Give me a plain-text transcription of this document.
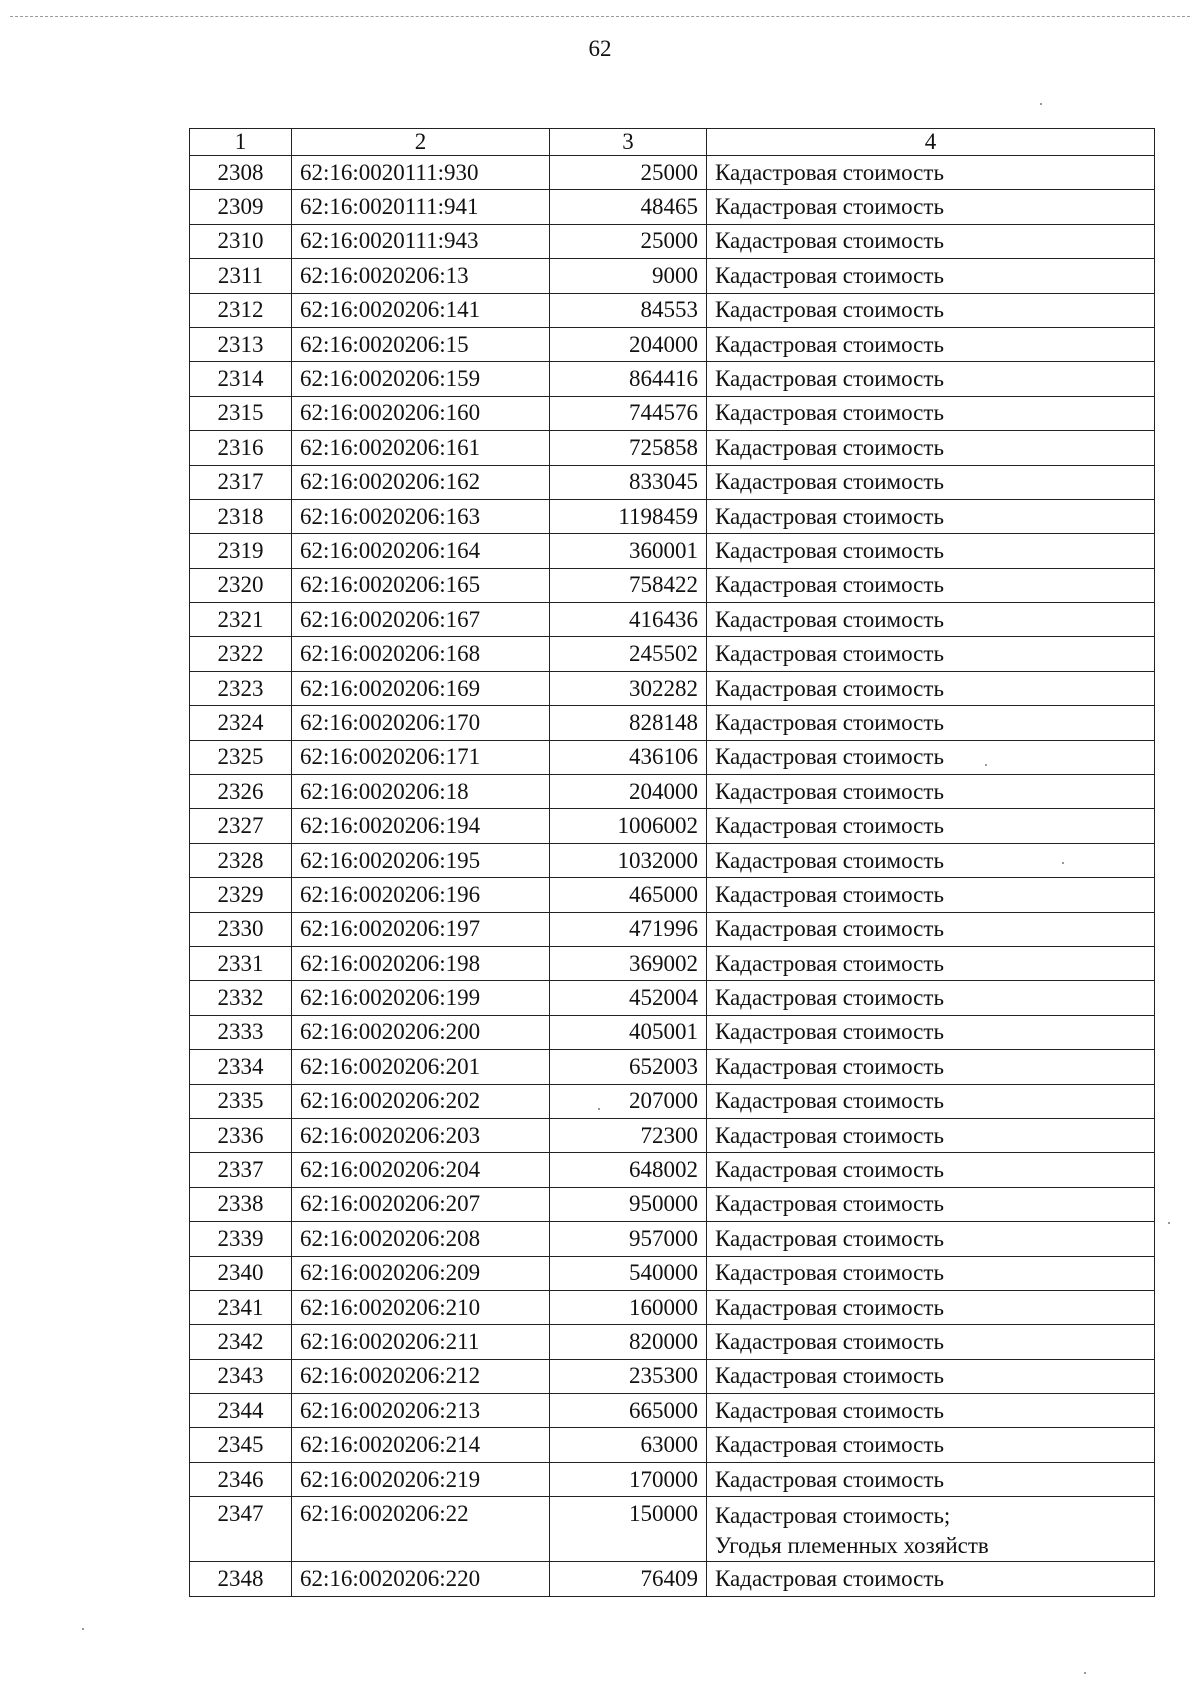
62
1	2	3	4
2308	62:16:0020111:930	25000	Кадастровая стоимость

2309	62:16:0020111:941	48465	Кадастровая стоимость

2310	62:16:0020111:943	25000	Кадастровая стоимость

2311	62:16:0020206:13	9000	Кадастровая стоимость

2312	62:16:0020206:141	84553	Кадастровая стоимость

2313	62:16:0020206:15	204000	Кадастровая стоимость

2314	62:16:0020206:159	864416	Кадастровая стоимость

2315	62:16:0020206:160	744576	Кадастровая стоимость

2316	62:16:0020206:161	725858	Кадастровая стоимость

2317	62:16:0020206:162	833045	Кадастровая стоимость

2318	62:16:0020206:163	1198459	Кадастровая стоимость

2319	62:16:0020206:164	360001	Кадастровая стоимость

2320	62:16:0020206:165	758422	Кадастровая стоимость

2321	62:16:0020206:167	416436	Кадастровая стоимость

2322	62:16:0020206:168	245502	Кадастровая стоимость

2323	62:16:0020206:169	302282	Кадастровая стоимость

2324	62:16:0020206:170	828148	Кадастровая стоимость

2325	62:16:0020206:171	436106	Кадастровая стоимость

2326	62:16:0020206:18	204000	Кадастровая стоимость

2327	62:16:0020206:194	1006002	Кадастровая стоимость

2328	62:16:0020206:195	1032000	Кадастровая стоимость

2329	62:16:0020206:196	465000	Кадастровая стоимость

2330	62:16:0020206:197	471996	Кадастровая стоимость

2331	62:16:0020206:198	369002	Кадастровая стоимость

2332	62:16:0020206:199	452004	Кадастровая стоимость

2333	62:16:0020206:200	405001	Кадастровая стоимость

2334	62:16:0020206:201	652003	Кадастровая стоимость

2335	62:16:0020206:202	207000	Кадастровая стоимость

2336	62:16:0020206:203	72300	Кадастровая стоимость

2337	62:16:0020206:204	648002	Кадастровая стоимость

2338	62:16:0020206:207	950000	Кадастровая стоимость

2339	62:16:0020206:208	957000	Кадастровая стоимость

2340	62:16:0020206:209	540000	Кадастровая стоимость

2341	62:16:0020206:210	160000	Кадастровая стоимость

2342	62:16:0020206:211	820000	Кадастровая стоимость

2343	62:16:0020206:212	235300	Кадастровая стоимость

2344	62:16:0020206:213	665000	Кадастровая стоимость

2345	62:16:0020206:214	63000	Кадастровая стоимость

2346	62:16:0020206:219	170000	Кадастровая стоимость

2347	62:16:0020206:22	150000	Кадастровая стоимость;
Угодья племенных хозяйств

2348	62:16:0020206:220	76409	Кадастровая стоимость
